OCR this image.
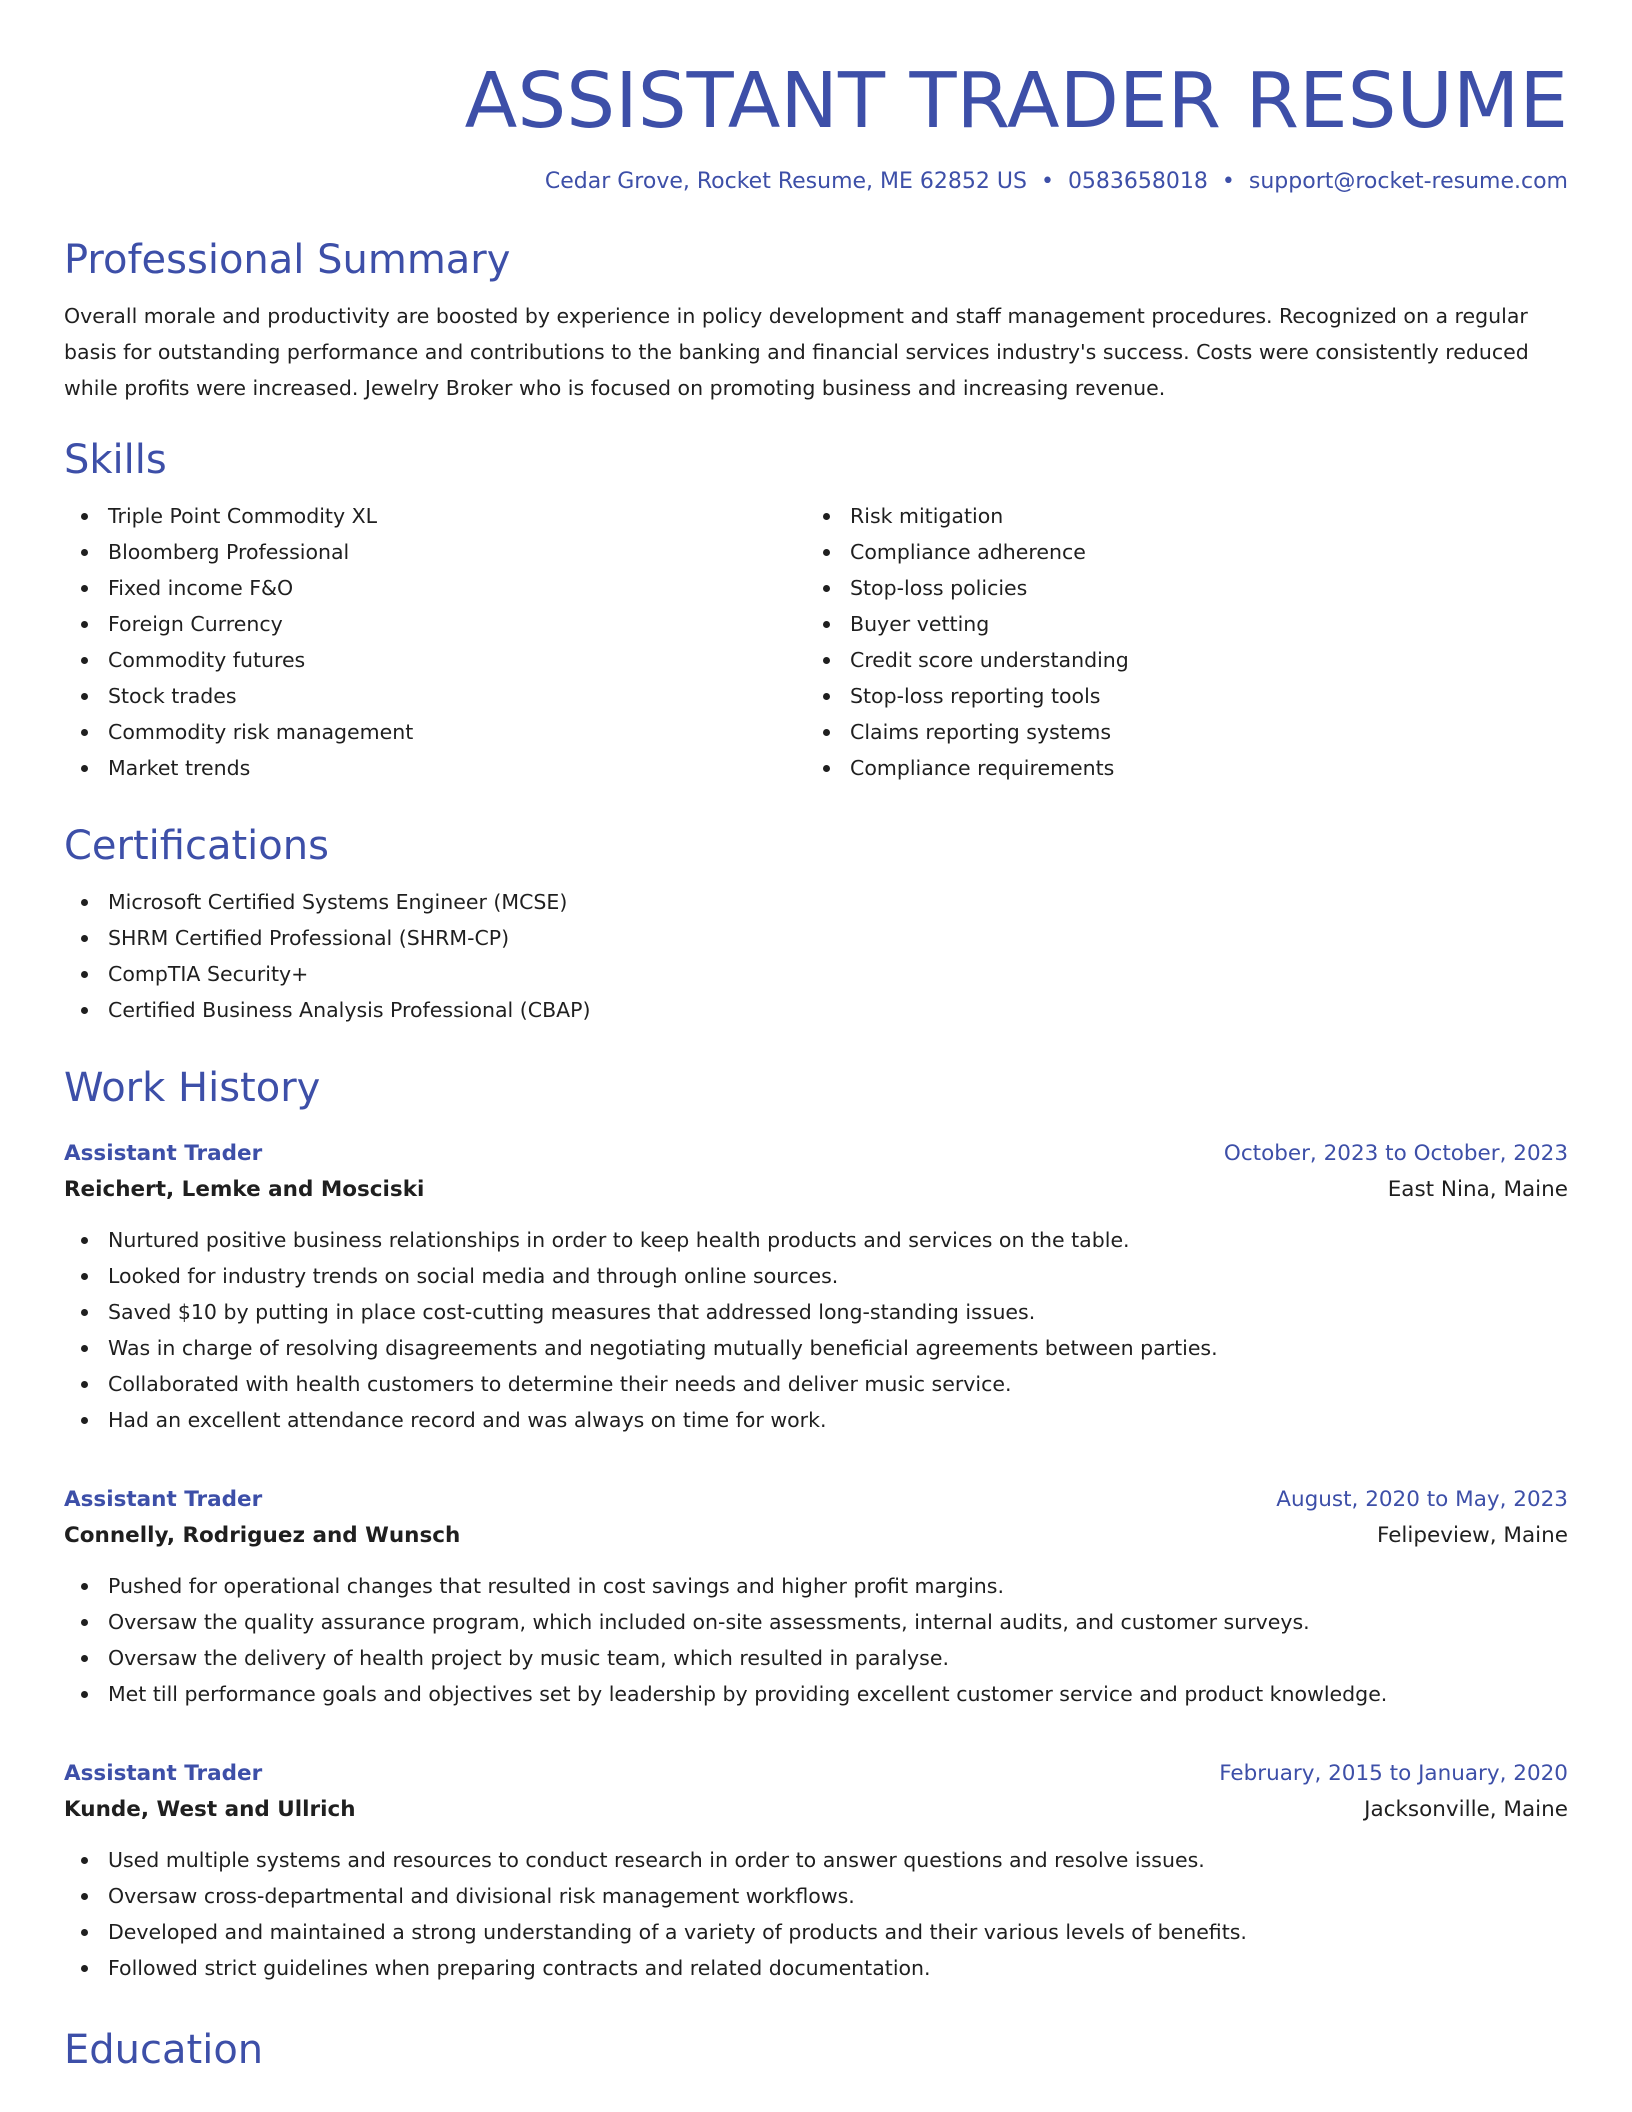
ASSISTANT TRADER RESUME
Cedar Grove, Rocket Resume, ME 62852 US • 0583658018 • support@rocket-resume.com
Professional Summary
Overall morale and productivity are boosted by experience in policy development and staff management procedures. Recognized on a regular basis for outstanding performance and contributions to the banking and financial services industry's success. Costs were consistently reduced while profits were increased. Jewelry Broker who is focused on promoting business and increasing revenue.
Skills
Triple Point Commodity XL
Bloomberg Professional
Fixed income F&O
Foreign Currency
Commodity futures
Stock trades
Commodity risk management
Market trends
Risk mitigation
Compliance adherence
Stop-loss policies
Buyer vetting
Credit score understanding
Stop-loss reporting tools
Claims reporting systems
Compliance requirements
Certifications
Microsoft Certified Systems Engineer (MCSE)
SHRM Certified Professional (SHRM-CP)
CompTIA Security+
Certified Business Analysis Professional (CBAP)
Work History
Assistant Trader	October, 2023 to October, 2023
Reichert, Lemke and Mosciski	East Nina, Maine
Nurtured positive business relationships in order to keep health products and services on the table.
Looked for industry trends on social media and through online sources.
Saved $10 by putting in place cost-cutting measures that addressed long-standing issues.
Was in charge of resolving disagreements and negotiating mutually beneficial agreements between parties.
Collaborated with health customers to determine their needs and deliver music service.
Had an excellent attendance record and was always on time for work.
Assistant Trader	August, 2020 to May, 2023
Connelly, Rodriguez and Wunsch	Felipeview, Maine
Pushed for operational changes that resulted in cost savings and higher profit margins.
Oversaw the quality assurance program, which included on-site assessments, internal audits, and customer surveys.
Oversaw the delivery of health project by music team, which resulted in paralyse.
Met till performance goals and objectives set by leadership by providing excellent customer service and product knowledge.
Assistant Trader	February, 2015 to January, 2020
Kunde, West and Ullrich	Jacksonville, Maine
Used multiple systems and resources to conduct research in order to answer questions and resolve issues.
Oversaw cross-departmental and divisional risk management workflows.
Developed and maintained a strong understanding of a variety of products and their various levels of benefits.
Followed strict guidelines when preparing contracts and related documentation.
Education
